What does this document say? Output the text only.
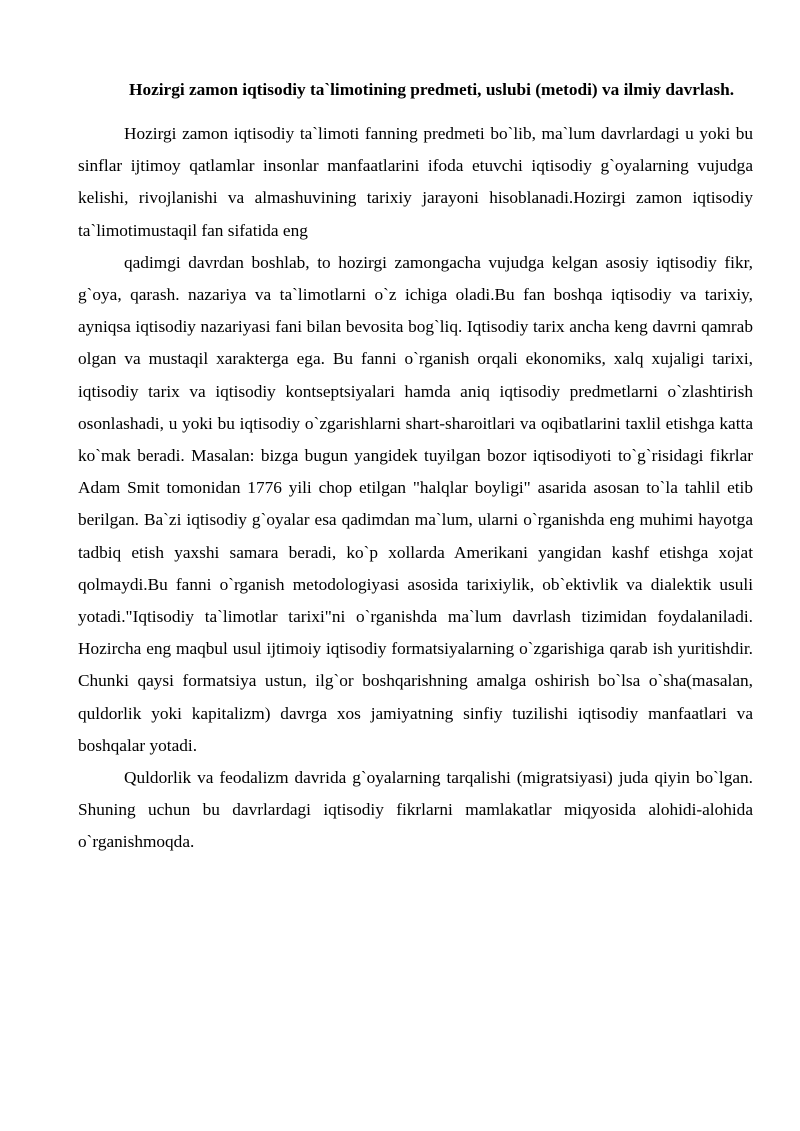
Hozirgi zamon iqtisodiy ta`limotining predmeti, uslubi (metodi) va ilmiy davrlash.

Hozirgi zamon iqtisodiy ta`limoti fanning predmeti bo`lib, ma`lum davrlardagi u yoki bu sinflar ijtimoy qatlamlar insonlar manfaatlarini ifoda etuvchi iqtisodiy g`oyalarning vujudga kelishi, rivojlanishi va almashuvining tarixiy jarayoni hisoblanadi.Hozirgi zamon iqtisodiy ta`limotimustaqil fan sifatida eng

qadimgi davrdan boshlab, to hozirgi zamongacha vujudga kelgan asosiy iqtisodiy fikr, g`oya, qarash. nazariya va ta`limotlarni o`z ichiga oladi.Bu fan boshqa iqtisodiy va tarixiy, ayniqsa iqtisodiy nazariyasi fani bilan bevosita bog`liq. Iqtisodiy tarix ancha keng davrni qamrab olgan va mustaqil xarakterga ega. Bu fanni o`rganish orqali ekonomiks, xalq xujaligi tarixi, iqtisodiy tarix va iqtisodiy kontseptsiyalari hamda aniq iqtisodiy predmetlarni o`zlashtirish osonlashadi, u yoki bu iqtisodiy o`zgarishlarni shart-sharoitlari va oqibatlarini taxlil etishga katta ko`mak beradi. Masalan: bizga bugun yangidek tuyilgan bozor iqtisodiyoti to`g`risidagi fikrlar Adam Smit tomonidan 1776 yili chop etilgan "halqlar boyligi" asarida asosan to`la tahlil etib berilgan. Ba`zi iqtisodiy g`oyalar esa qadimdan ma`lum, ularni o`rganishda eng muhimi hayotga tadbiq etish yaxshi samara beradi, ko`p xollarda Amerikani yangidan kashf etishga xojat qolmaydi.Bu fanni o`rganish metodologiyasi asosida tarixiylik, ob`ektivlik va dialektik usuli yotadi."Iqtisodiy ta`limotlar tarixi"ni o`rganishda ma`lum davrlash tizimidan foydalaniladi. Hozircha eng maqbul usul ijtimoiy iqtisodiy formatsiyalarning o`zgarishiga qarab ish yuritishdir. Chunki qaysi formatsiya ustun, ilg`or boshqarishning amalga oshirish bo`lsa o`sha(masalan, quldorlik yoki kapitalizm) davrga xos jamiyatning sinfiy tuzilishi iqtisodiy manfaatlari va boshqalar yotadi.

Quldorlik va feodalizm davrida g`oyalarning tarqalishi (migratsiyasi) juda qiyin bo`lgan. Shuning uchun bu davrlardagi iqtisodiy fikrlarni mamlakatlar miqyosida alohidi-alohida o`rganishmoqda.
